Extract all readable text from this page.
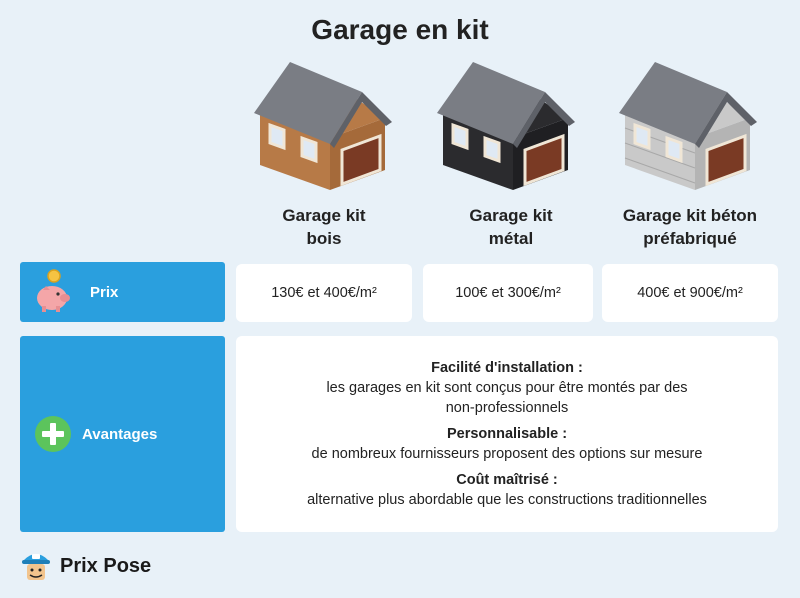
Garage en kit
Garage kit
bois
Garage kit
métal
Garage kit béton
préfabriqué
Prix	130€ et 400€/m²	100€ et 300€/m²	400€ et 900€/m²
Avantages
Facilité d'installation :
les garages en kit sont conçus pour être montés par des
non-professionnels
Personnalisable :
de nombreux fournisseurs proposent des options sur mesure
Coût maîtrisé :
alternative plus abordable que les constructions traditionnelles
Prix Pose
